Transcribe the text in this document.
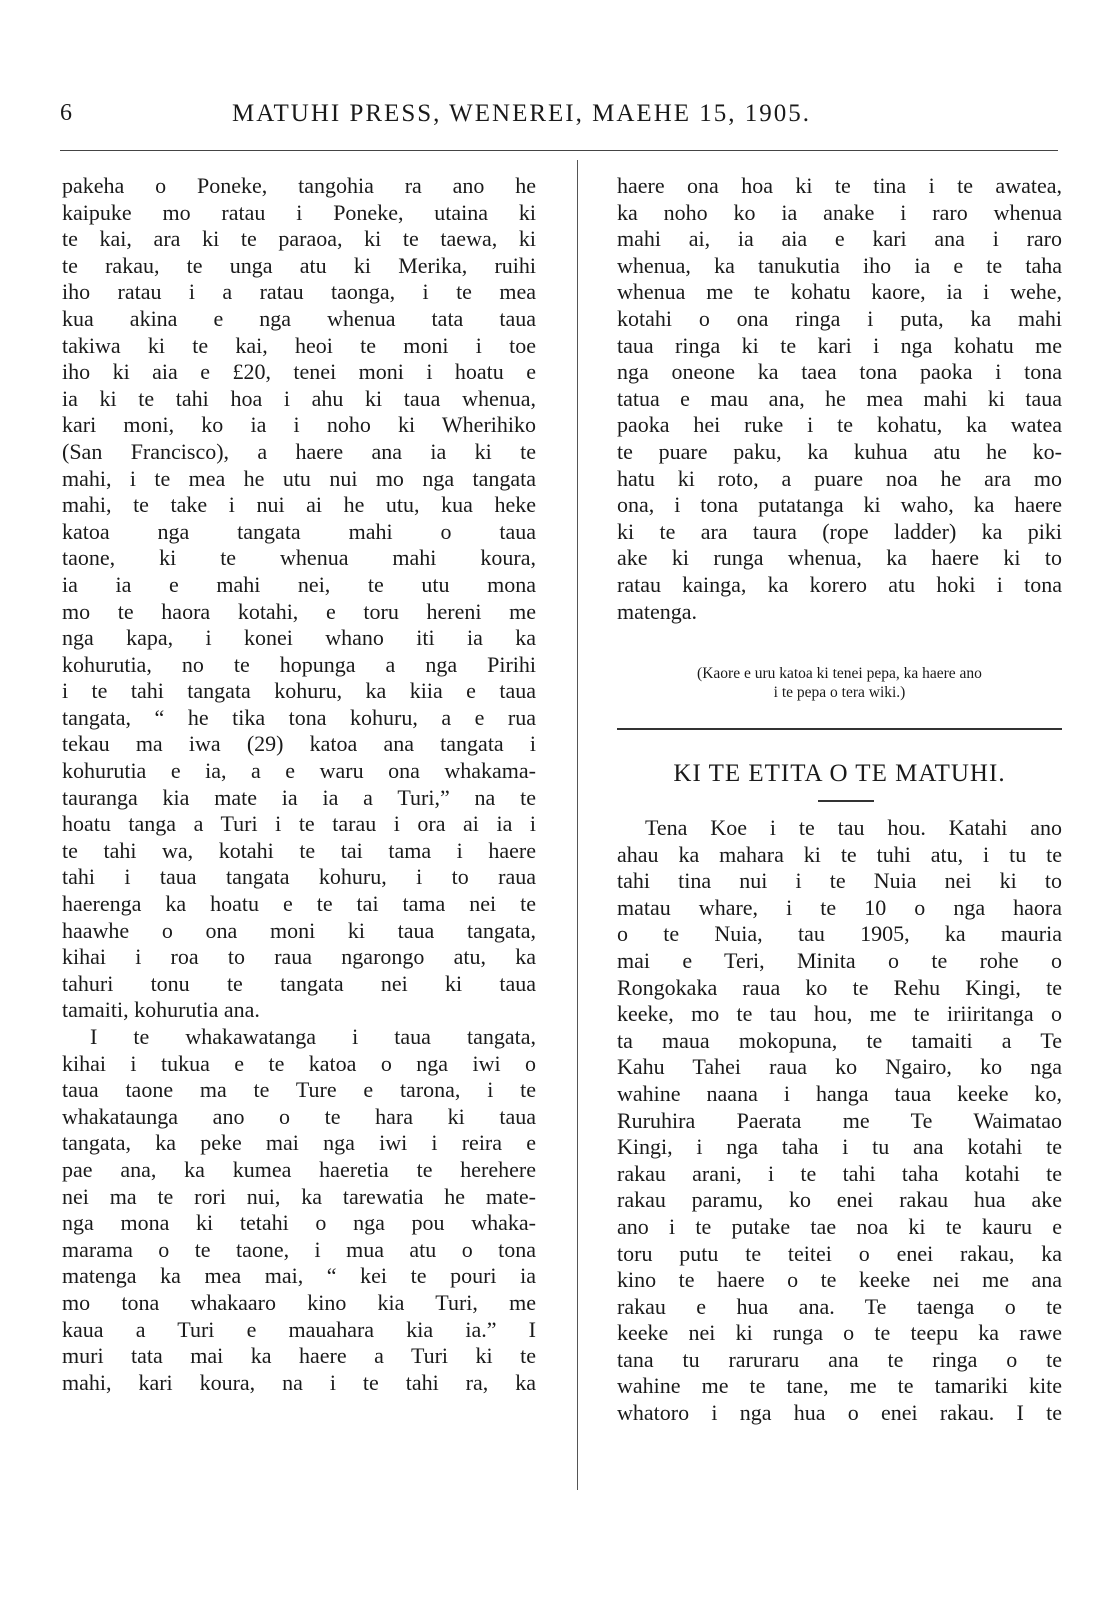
6	MATUHI PRESS, WENEREI, MAEHE 15, 1905.
pakeha o Poneke, tangohia ra ano he
kaipuke mo ratau i Poneke, utaina ki
te kai, ara ki te paraoa, ki te taewa, ki
te rakau, te unga atu ki Merika, ruihi
iho ratau i a ratau taonga, i te mea
kua akina e nga whenua tata taua
takiwa ki te kai, heoi te moni i toe
iho ki aia e £20, tenei moni i hoatu e
ia ki te tahi hoa i ahu ki taua whenua,
kari moni, ko ia i noho ki Wherihiko
(San Francisco), a haere ana ia ki te
mahi, i te mea he utu nui mo nga tangata
mahi, te take i nui ai he utu, kua heke
katoa nga tangata mahi o taua
taone, ki te whenua mahi koura,
ia ia e mahi nei, te utu mona
mo te haora kotahi, e toru hereni me
nga kapa, i konei whano iti ia ka
kohurutia, no te hopunga a nga Pirihi
i te tahi tangata kohuru, ka kiia e taua
tangata, “ he tika tona kohuru, a e rua
tekau ma iwa (29) katoa ana tangata i
kohurutia e ia, a e waru ona whakama-
tauranga kia mate ia ia a Turi,” na te
hoatu tanga a Turi i te tarau i ora ai ia i
te tahi wa, kotahi te tai tama i haere
tahi i taua tangata kohuru, i to raua
haerenga ka hoatu e te tai tama nei te
haawhe o ona moni ki taua tangata,
kihai i roa to raua ngarongo atu, ka
tahuri tonu te tangata nei ki taua
tamaiti, kohurutia ana.
I te whakawatanga i taua tangata,
kihai i tukua e te katoa o nga iwi o
taua taone ma te Ture e tarona, i te
whakataunga ano o te hara ki taua
tangata, ka peke mai nga iwi i reira e
pae ana, ka kumea haeretia te herehere
nei ma te rori nui, ka tarewatia he mate-
nga mona ki tetahi o nga pou whaka-
marama o te taone, i mua atu o tona
matenga ka mea mai, “ kei te pouri ia
mo tona whakaaro kino kia Turi, me
kaua a Turi e mauahara kia ia.” I
muri tata mai ka haere a Turi ki te
mahi, kari koura, na i te tahi ra, ka
haere ona hoa ki te tina i te awatea,
ka noho ko ia anake i raro whenua
mahi ai, ia aia e kari ana i raro
whenua, ka tanukutia iho ia e te taha
whenua me te kohatu kaore, ia i wehe,
kotahi o ona ringa i puta, ka mahi
taua ringa ki te kari i nga kohatu me
nga oneone ka taea tona paoka i tona
tatua e mau ana, he mea mahi ki taua
paoka hei ruke i te kohatu, ka watea
te puare paku, ka kuhua atu he ko-
hatu ki roto, a puare noa he ara mo
ona, i tona putatanga ki waho, ka haere
ki te ara taura (rope ladder) ka piki
ake ki runga whenua, ka haere ki to
ratau kainga, ka korero atu hoki i tona
matenga.
(Kaore e uru katoa ki tenei pepa, ka haere ano
i te pepa o tera wiki.)
KI TE ETITA O TE MATUHI.
Tena Koe i te tau hou. Katahi ano
ahau ka mahara ki te tuhi atu, i tu te
tahi tina nui i te Nuia nei ki to
matau whare, i te 10 o nga haora
o te Nuia, tau 1905, ka mauria
mai e Teri, Minita o te rohe o
Rongokaka raua ko te Rehu Kingi, te
keeke, mo te tau hou, me te iriiritanga o
ta maua mokopuna, te tamaiti a Te
Kahu Tahei raua ko Ngairo, ko nga
wahine naana i hanga taua keeke ko,
Ruruhira Paerata me Te Waimatao
Kingi, i nga taha i tu ana kotahi te
rakau arani, i te tahi taha kotahi te
rakau paramu, ko enei rakau hua ake
ano i te putake tae noa ki te kauru e
toru putu te teitei o enei rakau, ka
kino te haere o te keeke nei me ana
rakau e hua ana. Te taenga o te
keeke nei ki runga o te teepu ka rawe
tana tu raruraru ana te ringa o te
wahine me te tane, me te tamariki kite
whatoro i nga hua o enei rakau. I te
